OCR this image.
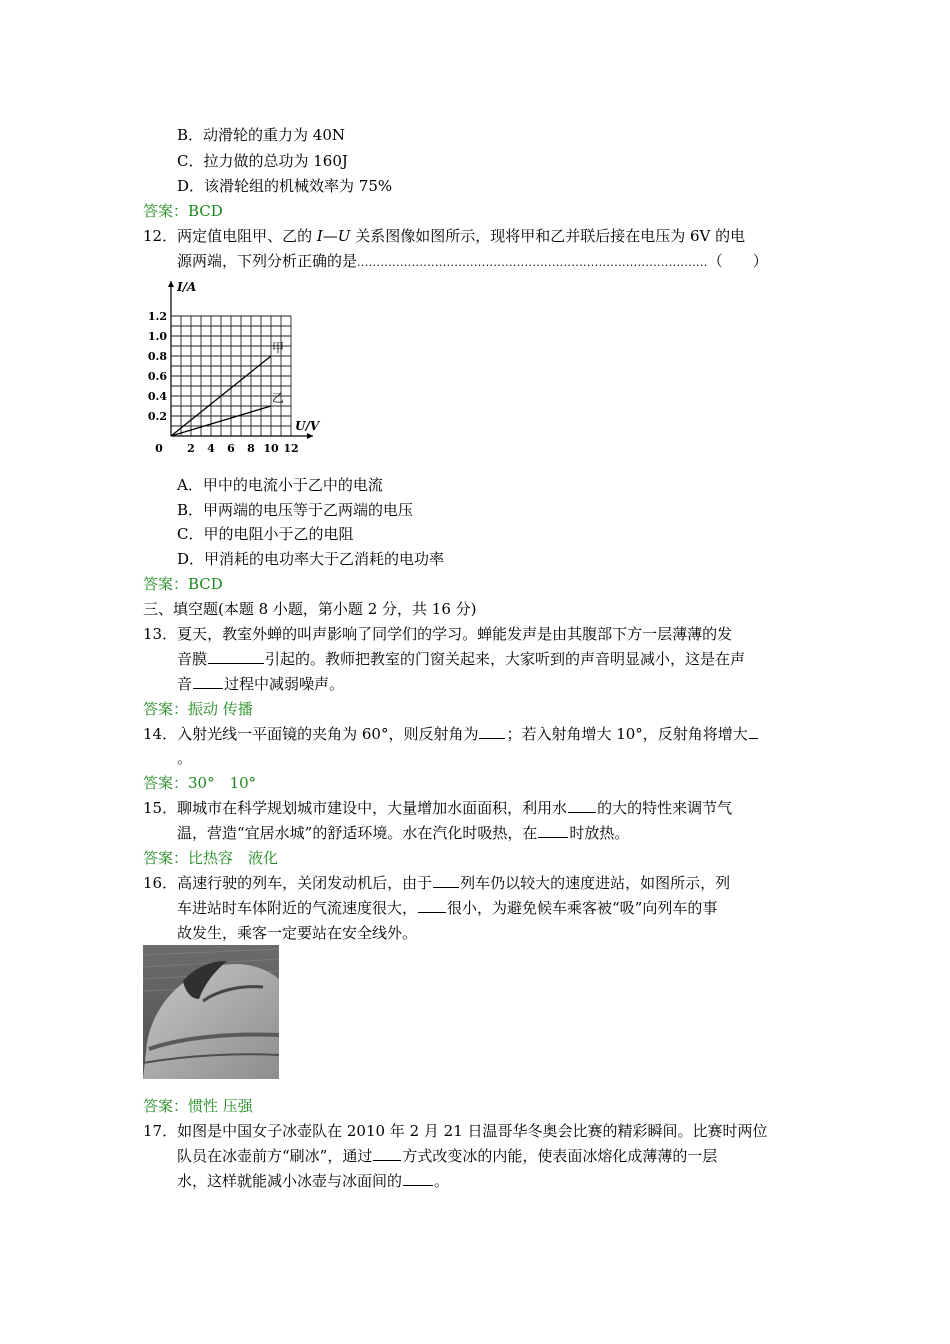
B．动滑轮的重力为 40N
C．拉力做的总功为 160J
D．该滑轮组的机械效率为 75%
答案：BCD
12．两定值电阻甲、乙的 I—U 关系图像如图所示，现将甲和乙并联后接在电压为 6V 的电
源两端，下列分析正确的是..........................................................................................（　　）
甲
乙
0 2 4 6 8 10 12
0.2
0.4
0.6
0.8
1.0
1.2
I/A
U/V
A．甲中的电流小于乙中的电流
B．甲两端的电压等于乙两端的电压
C．甲的电阻小于乙的电阻
D．甲消耗的电功率大于乙消耗的电功率
答案：BCD
三、填空题(本题 8 小题，第小题 2 分，共 16 分)
13．夏天，教室外蝉的叫声影响了同学们的学习。蝉能发声是由其腹部下方一层薄薄的发
音膜	引起的。教师把教室的门窗关起来，大家听到的声音明显减小，这是在声
音 过程中减弱噪声。
答案：振动 传播
14．入射光线一平面镜的夹角为 60°，则反射角为 ；若入射角增大 10°，反射角将增大
。
答案：30°　10°
15．聊城市在科学规划城市建设中，大量增加水面面积，利用水 的大的特性来调节气
温，营造“宜居水城”的舒适环境。水在汽化时吸热，在 时放热。
答案：比热容　液化
16．高速行驶的列车，关闭发动机后，由于 列车仍以较大的速度进站，如图所示，列
车进站时车体附近的气流速度很大， 很小，为避免候车乘客被“吸”向列车的事
故发生，乘客一定要站在安全线外。
答案：惯性 压强
17．如图是中国女子冰壶队在 2010 年 2 月 21 日温哥华冬奥会比赛的精彩瞬间。比赛时两位
队员在冰壶前方“刷冰”，通过 方式改变冰的内能，使表面冰熔化成薄薄的一层
水，这样就能减小冰壶与冰面间的 。
